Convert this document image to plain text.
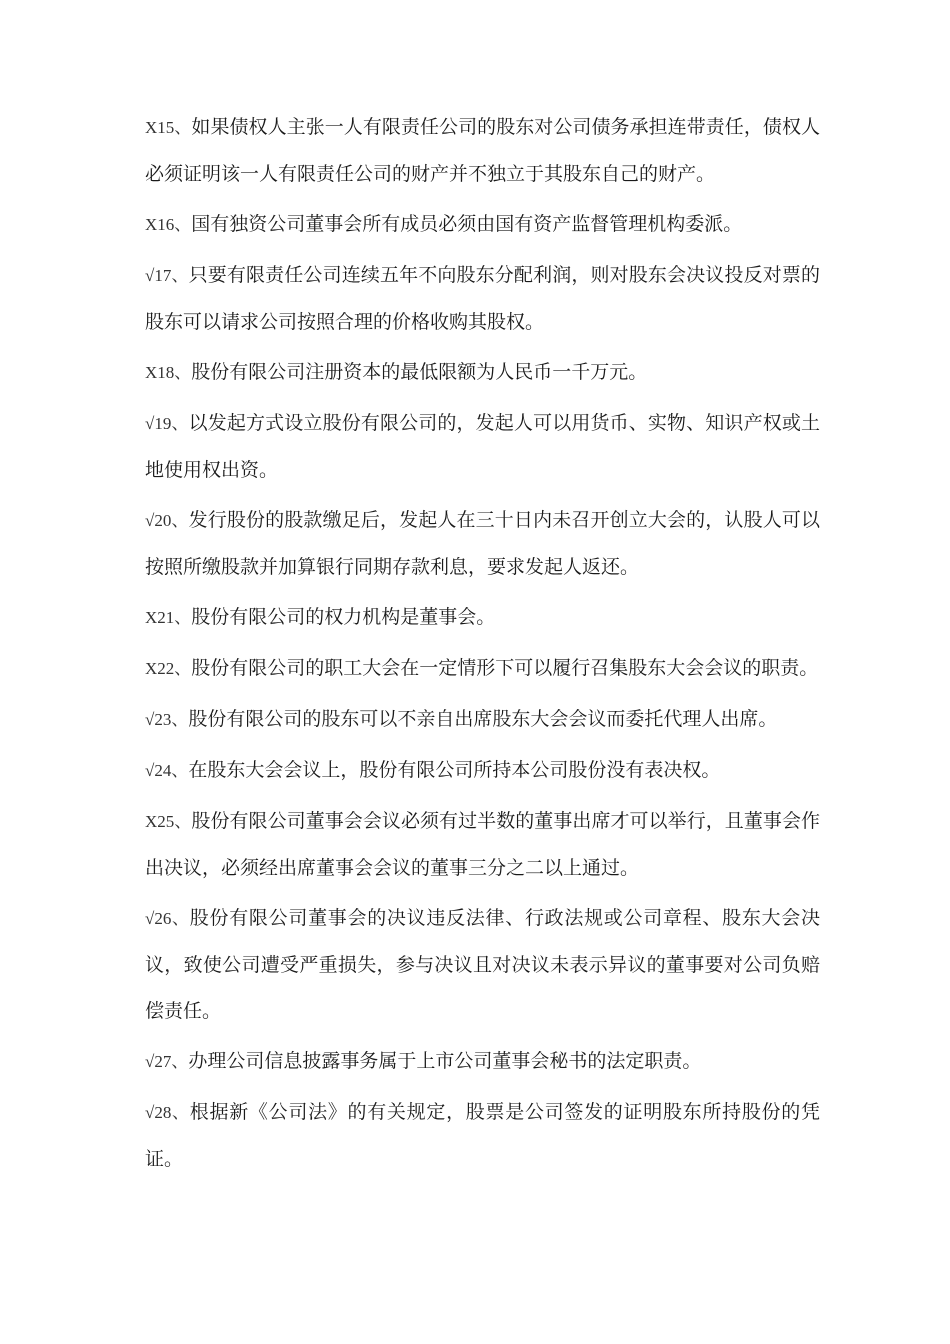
X15、如果债权人主张一人有限责任公司的股东对公司债务承担连带责任，债权人必须证明该一人有限责任公司的财产并不独立于其股东自己的财产。

X16、国有独资公司董事会所有成员必须由国有资产监督管理机构委派。

√17、只要有限责任公司连续五年不向股东分配利润，则对股东会决议投反对票的股东可以请求公司按照合理的价格收购其股权。

X18、股份有限公司注册资本的最低限额为人民币一千万元。

√19、以发起方式设立股份有限公司的，发起人可以用货币、实物、知识产权或土地使用权出资。

√20、发行股份的股款缴足后，发起人在三十日内未召开创立大会的，认股人可以按照所缴股款并加算银行同期存款利息，要求发起人返还。

X21、股份有限公司的权力机构是董事会。

X22、股份有限公司的职工大会在一定情形下可以履行召集股东大会会议的职责。

√23、股份有限公司的股东可以不亲自出席股东大会会议而委托代理人出席。

√24、在股东大会会议上，股份有限公司所持本公司股份没有表决权。

X25、股份有限公司董事会会议必须有过半数的董事出席才可以举行，且董事会作出决议，必须经出席董事会会议的董事三分之二以上通过。

√26、股份有限公司董事会的决议违反法律、行政法规或公司章程、股东大会决议，致使公司遭受严重损失，参与决议且对决议未表示异议的董事要对公司负赔偿责任。

√27、办理公司信息披露事务属于上市公司董事会秘书的法定职责。

√28、根据新《公司法》的有关规定，股票是公司签发的证明股东所持股份的凭证。
